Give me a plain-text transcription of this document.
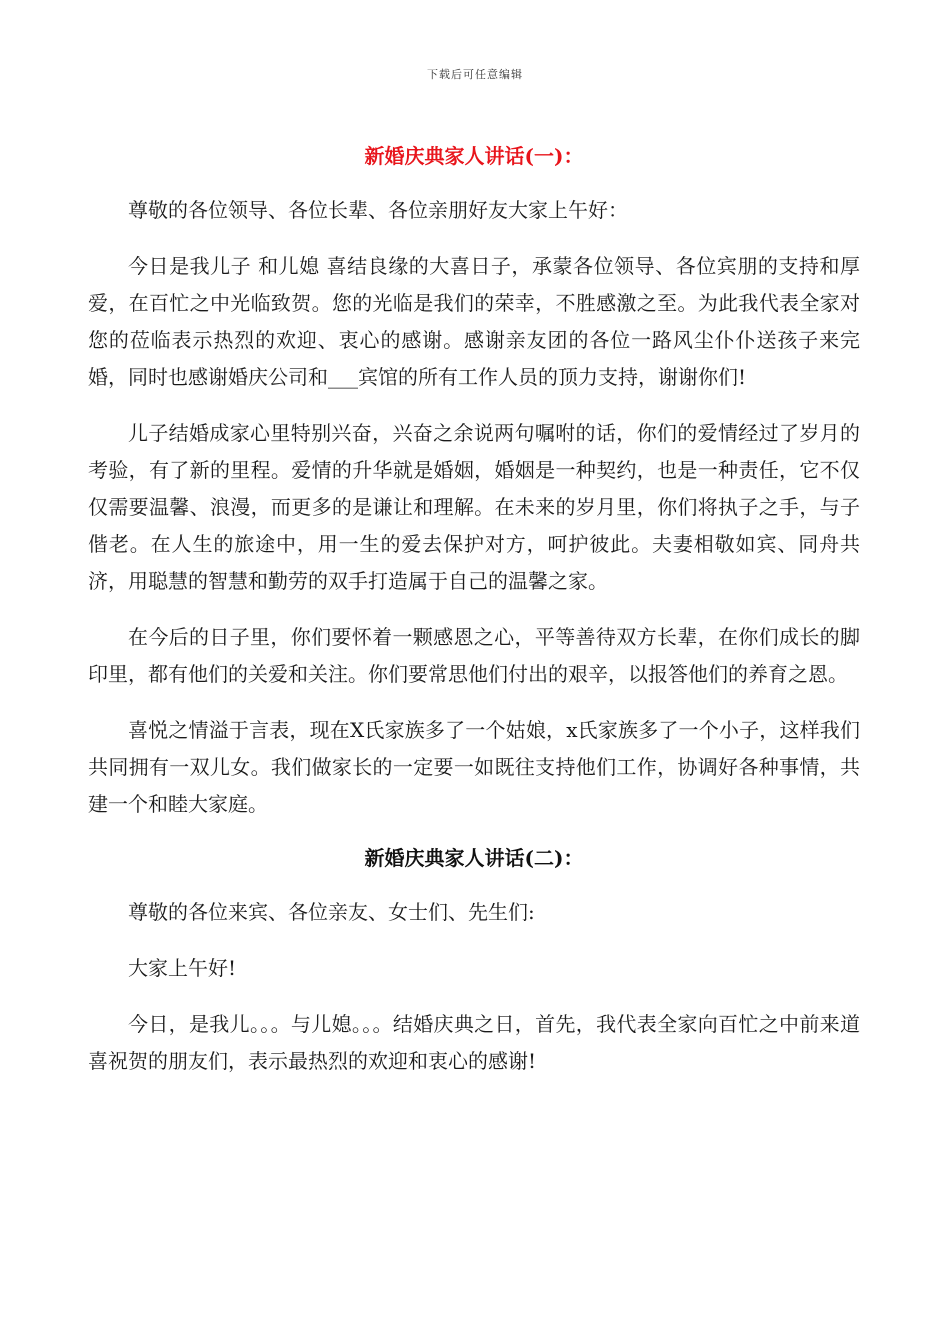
下载后可任意编辑
新婚庆典家人讲话(一)：

尊敬的各位领导、各位长辈、各位亲朋好友大家上午好：

今日是我儿子 和儿媳 喜结良缘的大喜日子，承蒙各位领导、各位宾朋的支持和厚爱，在百忙之中光临致贺。您的光临是我们的荣幸，不胜感激之至。为此我代表全家对您的莅临表示热烈的欢迎、衷心的感谢。感谢亲友团的各位一路风尘仆仆送孩子来完婚，同时也感谢婚庆公司和___宾馆的所有工作人员的顶力支持，谢谢你们!

儿子结婚成家心里特别兴奋，兴奋之余说两句嘱咐的话，你们的爱情经过了岁月的考验，有了新的里程。爱情的升华就是婚姻，婚姻是一种契约，也是一种责任，它不仅仅需要温馨、浪漫，而更多的是谦让和理解。在未来的岁月里，你们将执子之手，与子偕老。在人生的旅途中，用一生的爱去保护对方，呵护彼此。夫妻相敬如宾、同舟共济，用聪慧的智慧和勤劳的双手打造属于自己的温馨之家。

在今后的日子里，你们要怀着一颗感恩之心，平等善待双方长辈，在你们成长的脚印里，都有他们的关爱和关注。你们要常思他们付出的艰辛，以报答他们的养育之恩。

喜悦之情溢于言表，现在X氏家族多了一个姑娘，x氏家族多了一个小子，这样我们共同拥有一双儿女。我们做家长的一定要一如既往支持他们工作，协调好各种事情，共建一个和睦大家庭。

新婚庆典家人讲话(二)：

尊敬的各位来宾、各位亲友、女士们、先生们:

大家上午好!

今日，是我儿。。。与儿媳。。。结婚庆典之日，首先，我代表全家向百忙之中前来道喜祝贺的朋友们，表示最热烈的欢迎和衷心的感谢!
